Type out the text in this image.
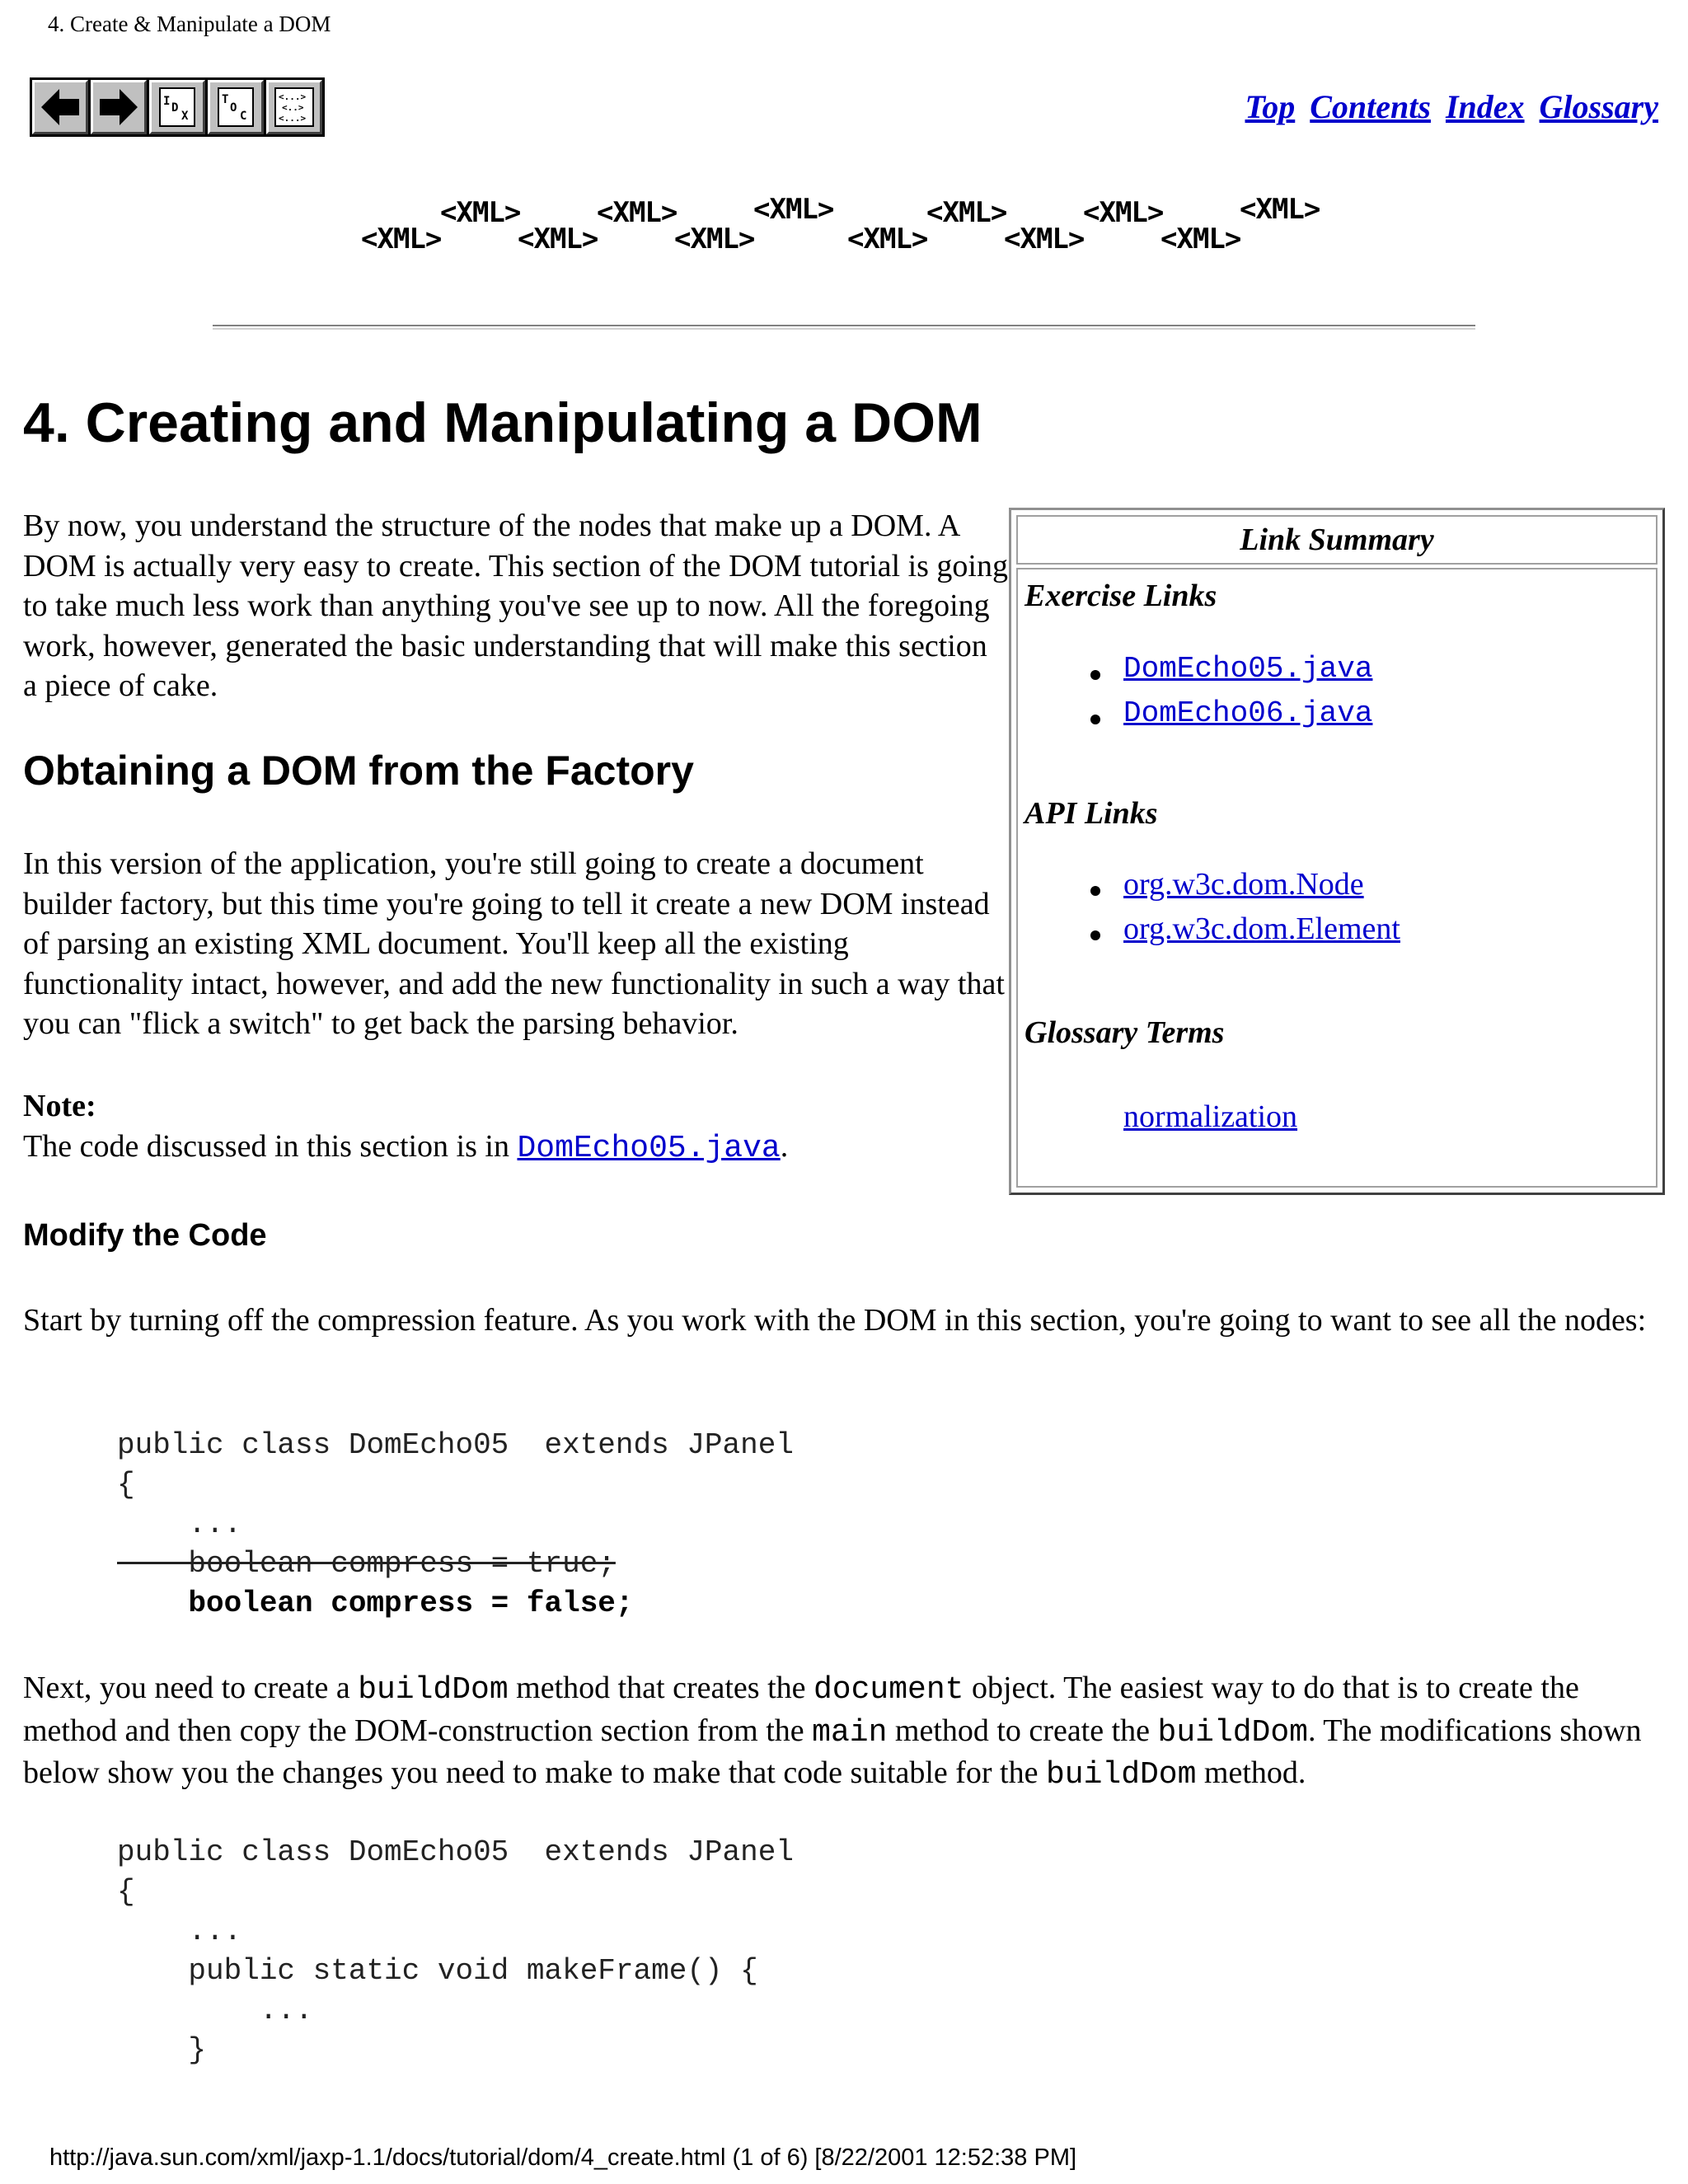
4. Create & Manipulate a DOM
I D
X
T
O
C
<...>
<..>
<...>	Top Contents Index Glossary
<XML>
<XML>
<XML>
<XML>
<XML>
<XML>
<XML>
<XML>
<XML>
<XML>
<XML>
<XML>
4. Creating and Manipulating a DOM

By now, you understand the structure of the nodes that make up a DOM. A DOM is actually very easy to create. This section of the DOM tutorial is going to take much less work than anything you've see up to now. All the foregoing work, however, generated the basic understanding that will make this section a piece of cake.

Obtaining a DOM from the Factory

In this version of the application, you're still going to create a document builder factory, but this time you're going to tell it create a new DOM instead of parsing an existing XML document. You'll keep all the existing functionality intact, however, and add the new functionality in such a way that you can "flick a switch" to get back the parsing behavior.

Note:
The code discussed in this section is in DomEcho05.java.

Modify the Code

Start by turning off the compression feature. As you work with the DOM in this section, you're going to want to see all the nodes:

public class DomEcho05  extends JPanel
{
...
boolean compress = true;
boolean compress = false;

Next, you need to create a buildDom method that creates the document object. The easiest way to do that is to create the method and then copy the DOM-construction section from the main method to create the buildDom. The modifications shown below show you the changes you need to make to make that code suitable for the buildDom method.

public class DomEcho05  extends JPanel
{
...
public static void makeFrame() {
...
}
Link Summary
Exercise Links
DomEcho05.java
DomEcho06.java
API Links
org.w3c.dom.Node
org.w3c.dom.Element
Glossary Terms
normalization
http://java.sun.com/xml/jaxp-1.1/docs/tutorial/dom/4_create.html (1 of 6) [8/22/2001 12:52:38 PM]
